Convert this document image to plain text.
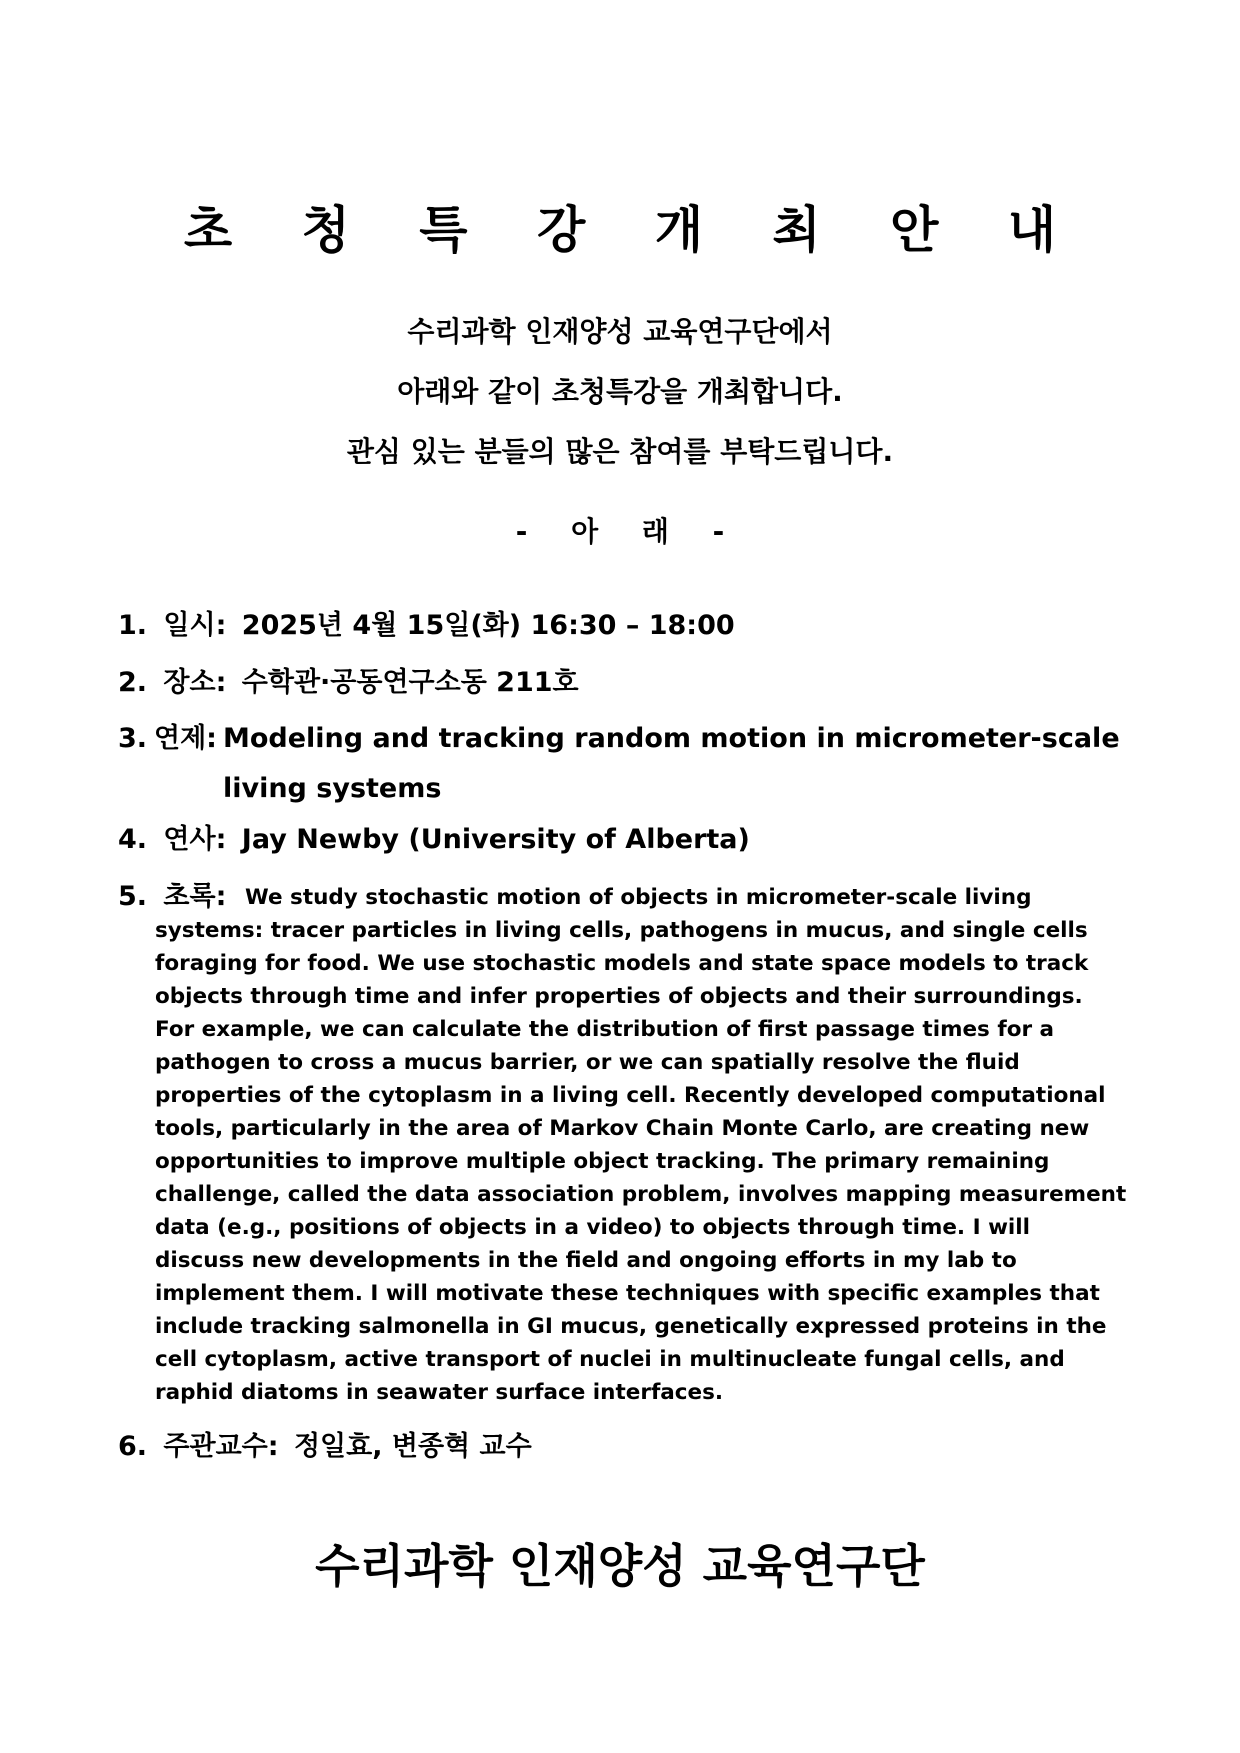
초 청 특 강 개 최 안 내
수리과학 인재양성 교육연구단에서
아래와 같이 초청특강을 개최합니다.
관심 있는 분들의 많은 참여를 부탁드립니다.
- 아 래 -
1. 일시: 2025년 4월 15일(화) 16:30 – 18:00
2. 장소: 수학관·공동연구소동 211호
3. 연제: Modeling and tracking random motion in micrometer-scale living systems
4. 연사: Jay Newby (University of Alberta)
5. 초록: We study stochastic motion of objects in micrometer-scale living
systems: tracer particles in living cells, pathogens in mucus, and single cells
foraging for food. We use stochastic models and state space models to track
objects through time and infer properties of objects and their surroundings.
For example, we can calculate the distribution of first passage times for a
pathogen to cross a mucus barrier, or we can spatially resolve the fluid
properties of the cytoplasm in a living cell. Recently developed computational
tools, particularly in the area of Markov Chain Monte Carlo, are creating new
opportunities to improve multiple object tracking. The primary remaining
challenge, called the data association problem, involves mapping measurement
data (e.g., positions of objects in a video) to objects through time. I will
discuss new developments in the field and ongoing efforts in my lab to
implement them. I will motivate these techniques with specific examples that
include tracking salmonella in GI mucus, genetically expressed proteins in the
cell cytoplasm, active transport of nuclei in multinucleate fungal cells, and
raphid diatoms in seawater surface interfaces.
6. 주관교수: 정일효, 변종혁 교수
수리과학 인재양성 교육연구단
